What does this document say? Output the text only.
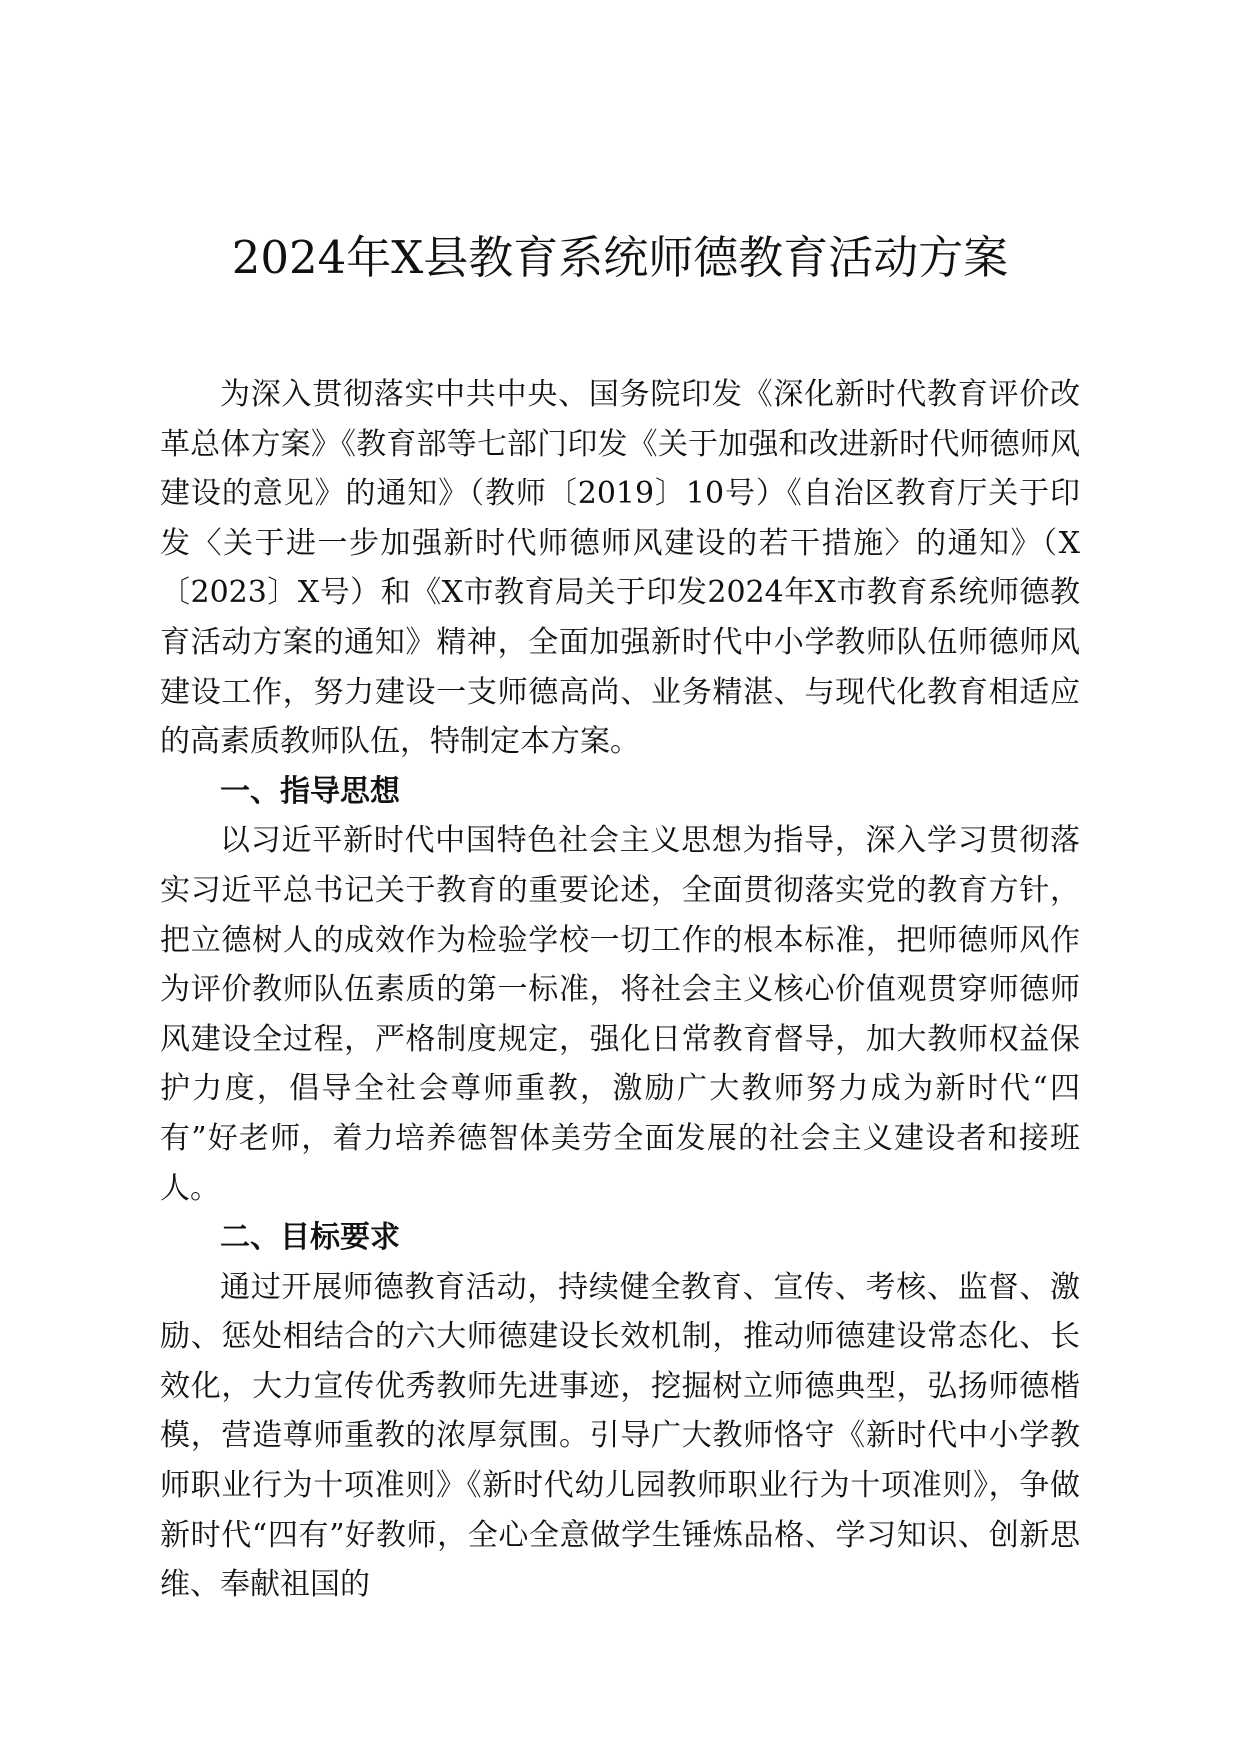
2024年X县教育系统师德教育活动方案

为深入贯彻落实中共中央、国务院印发《深化新时代教育评价改革总体方案》《教育部等七部门印发《关于加强和改进新时代师德师风建设的意见》的通知》（教师〔2019〕10号）《自治区教育厅关于印发〈关于进一步加强新时代师德师风建设的若干措施〉的通知》（X〔2023〕X号）和《X市教育局关于印发2024年X市教育系统师德教育活动方案的通知》精神，全面加强新时代中小学教师队伍师德师风建设工作，努力建设一支师德高尚、业务精湛、与现代化教育相适应的高素质教师队伍，特制定本方案。

一、指导思想

以习近平新时代中国特色社会主义思想为指导，深入学习贯彻落实习近平总书记关于教育的重要论述，全面贯彻落实党的教育方针，把立德树人的成效作为检验学校一切工作的根本标准，把师德师风作为评价教师队伍素质的第一标准，将社会主义核心价值观贯穿师德师风建设全过程，严格制度规定，强化日常教育督导，加大教师权益保护力度，倡导全社会尊师重教，激励广大教师努力成为新时代“四有”好老师，着力培养德智体美劳全面发展的社会主义建设者和接班人。

二、目标要求

通过开展师德教育活动，持续健全教育、宣传、考核、监督、激励、惩处相结合的六大师德建设长效机制，推动师德建设常态化、长效化，大力宣传优秀教师先进事迹，挖掘树立师德典型，弘扬师德楷模，营造尊师重教的浓厚氛围。引导广大教师恪守《新时代中小学教师职业行为十项准则》《新时代幼儿园教师职业行为十项准则》，争做新时代“四有”好教师，全心全意做学生锤炼品格、学习知识、创新思维、奉献祖国的
